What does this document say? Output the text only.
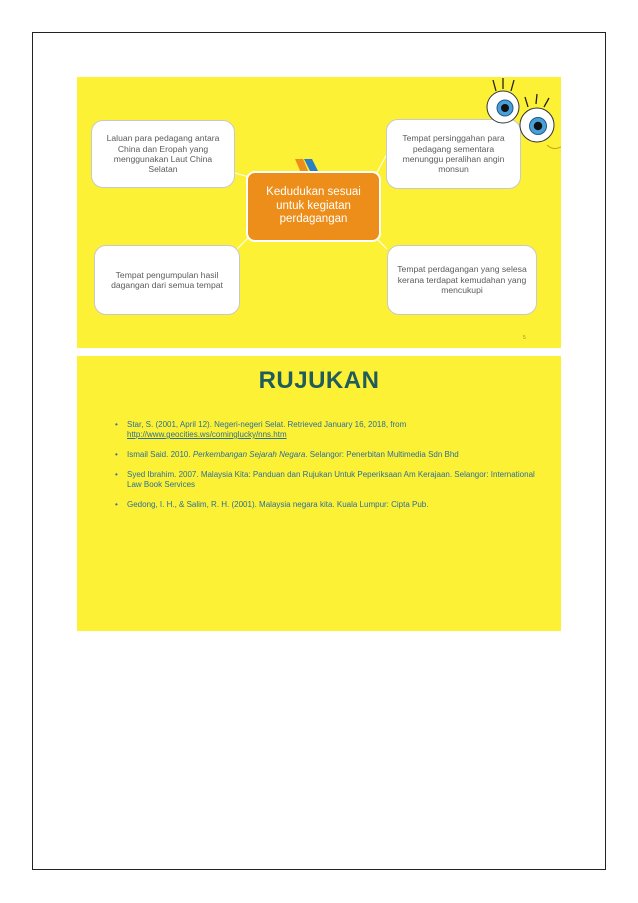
Laluan para pedagang antara China dan Eropah yang menggunakan Laut China Selatan
Tempat persinggahan para pedagang sementara menunggu peralihan angin monsun
Tempat pengumpulan hasil dagangan dari semua tempat
Tempat perdagangan yang selesa kerana terdapat kemudahan yang mencukupi
Kedudukan sesuai untuk kegiatan perdagangan
5
RUJUKAN
• Star, S. (2001, April 12). Negeri-negeri Selat. Retrieved January 16, 2018, from
http://www.geocities.ws/cominglucky/nns.htm
• Ismail Said. 2010. Perkembangan Sejarah Negara. Selangor: Penerbitan Multimedia Sdn Bhd
• Syed Ibrahim. 2007. Malaysia Kita: Panduan dan Rujukan Untuk Peperiksaan Am Kerajaan. Selangor: International Law Book Services
• Gedong, I. H., & Salim, R. H. (2001). Malaysia negara kita. Kuala Lumpur: Cipta Pub.
